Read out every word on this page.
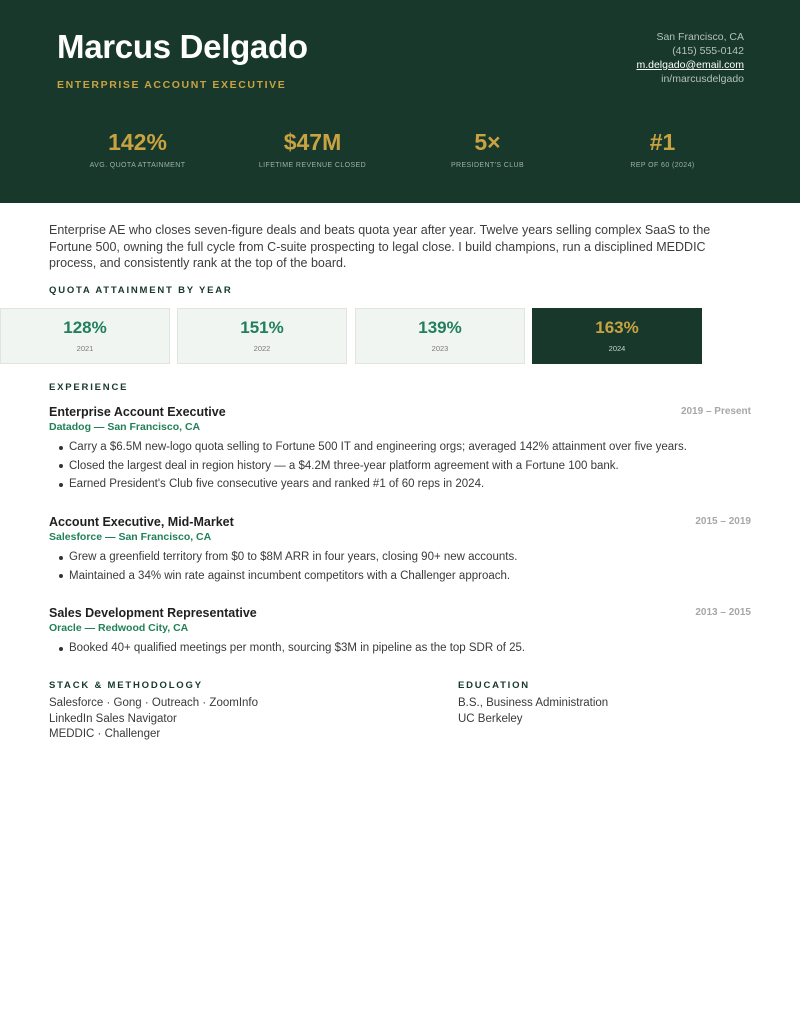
Marcus Delgado
ENTERPRISE ACCOUNT EXECUTIVE
San Francisco, CA
(415) 555-0142
m.delgado@email.com
in/marcusdelgado
142%
AVG. QUOTA ATTAINMENT
$47M
LIFETIME REVENUE CLOSED
5×
PRESIDENT'S CLUB
#1
REP OF 60 (2024)

Enterprise AE who closes seven-figure deals and beats quota year after year. Twelve years selling complex SaaS to the Fortune 500, owning the full cycle from C-suite prospecting to legal close. I build champions, run a disciplined MEDDIC process, and consistently rank at the top of the board.

QUOTA ATTAINMENT BY YEAR
128%
2021
151%
2022
139%
2023
163%
2024
EXPERIENCE
Enterprise Account Executive	2019 – Present
Datadog — San Francisco, CA
Carry a $6.5M new-logo quota selling to Fortune 500 IT and engineering orgs; averaged 142% attainment over five years.
Closed the largest deal in region history — a $4.2M three-year platform agreement with a Fortune 100 bank.
Earned President's Club five consecutive years and ranked #1 of 60 reps in 2024.
Account Executive, Mid-Market	2015 – 2019
Salesforce — San Francisco, CA
Grew a greenfield territory from $0 to $8M ARR in four years, closing 90+ new accounts.
Maintained a 34% win rate against incumbent competitors with a Challenger approach.
Sales Development Representative	2013 – 2015
Oracle — Redwood City, CA
Booked 40+ qualified meetings per month, sourcing $3M in pipeline as the top SDR of 25.
STACK & METHODOLOGY
Salesforce · Gong · Outreach · ZoomInfo
LinkedIn Sales Navigator
MEDDIC · Challenger
EDUCATION
B.S., Business Administration
UC Berkeley
